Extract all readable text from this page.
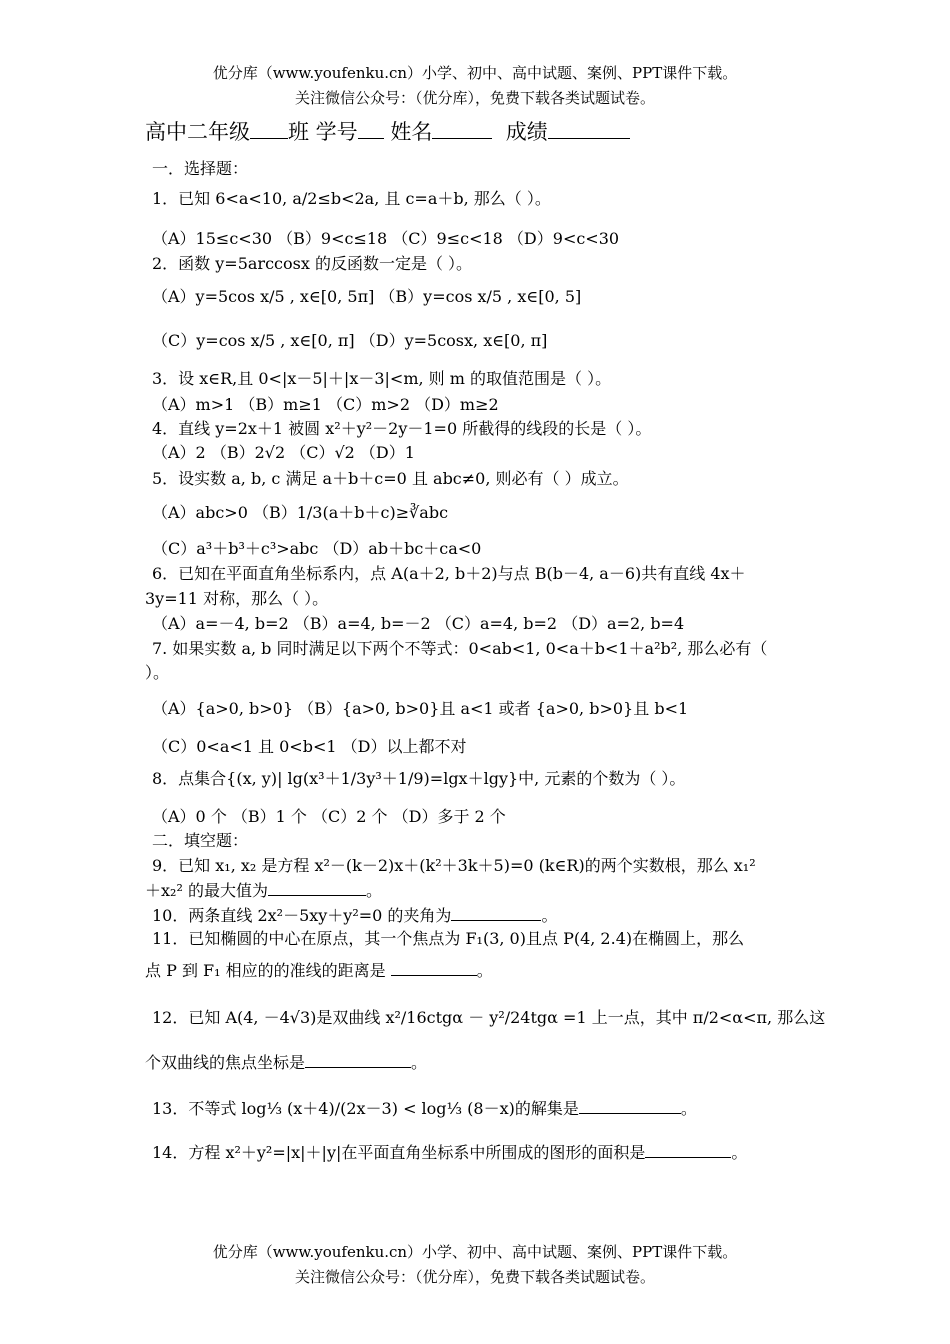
优分库（www.youfenku.cn）小学、初中、高中试题、案例、PPT课件下载。
关注微信公众号：（优分库），免费下载各类试题试卷。
高中二年级 班 学号 姓名	成绩
一．选择题：
1．已知 6<a<10, a/2≤b<2a, 且 c=a＋b, 那么（ ）。
（A）15≤c<30 （B）9<c≤18 （C）9≤c<18 （D）9<c<30
2．函数 y=5arccosx 的反函数一定是（ ）。
（A）y=5cos x/5 , x∈[0, 5π] （B）y=cos x/5 , x∈[0, 5]
（C）y=cos x/5 , x∈[0, π] （D）y=5cosx, x∈[0, π]
3．设 x∈R,且 0<|x－5|＋|x－3|<m, 则 m 的取值范围是（ ）。
（A）m>1 （B）m≥1 （C）m>2 （D）m≥2
4．直线 y=2x＋1 被圆 x²＋y²－2y－1=0 所截得的线段的长是（ ）。
（A）2 （B）2√2 （C）√2 （D）1
5．设实数 a, b, c 满足 a＋b＋c=0 且 abc≠0, 则必有（ ）成立。
（A）abc>0 （B）1/3(a＋b＋c)≥∛abc
（C）a³＋b³＋c³>abc （D）ab＋bc＋ca<0
6．已知在平面直角坐标系内，点 A(a＋2, b＋2)与点 B(b－4, a－6)共有直线 4x＋
3y=11 对称，那么（ ）。
（A）a=－4, b=2 （B）a=4, b=－2 （C）a=4, b=2 （D）a=2, b=4
7. 如果实数 a, b 同时满足以下两个不等式：0<ab<1, 0<a＋b<1＋a²b², 那么必有（
）。
（A）{a>0, b>0} （B）{a>0, b>0}且 a<1 或者 {a>0, b>0}且 b<1
（C）0<a<1 且 0<b<1 （D）以上都不对
8．点集合{(x, y)| lg(x³＋1/3y³＋1/9)=lgx＋lgy}中, 元素的个数为（ ）。
（A）0 个 （B）1 个 （C）2 个 （D）多于 2 个
二．填空题：
9．已知 x₁, x₂ 是方程 x²－(k－2)x＋(k²＋3k＋5)=0 (k∈R)的两个实数根，那么 x₁²
＋x₂² 的最大值为	。
10．两条直线 2x²－5xy＋y²=0 的夹角为	。
11．已知椭圆的中心在原点，其一个焦点为 F₁(3, 0)且点 P(4, 2.4)在椭圆上，那么
点 P 到 F₁ 相应的的准线的距离是	。
12．已知 A(4, －4√3)是双曲线 x²/16ctgα － y²/24tgα =1 上一点，其中 π/2<α<π, 那么这
个双曲线的焦点坐标是	。
13．不等式 log⅓ (x＋4)/(2x－3) < log⅓ (8－x)的解集是	。
14．方程 x²＋y²=|x|＋|y|在平面直角坐标系中所围成的图形的面积是	。
优分库（www.youfenku.cn）小学、初中、高中试题、案例、PPT课件下载。
关注微信公众号：（优分库），免费下载各类试题试卷。
